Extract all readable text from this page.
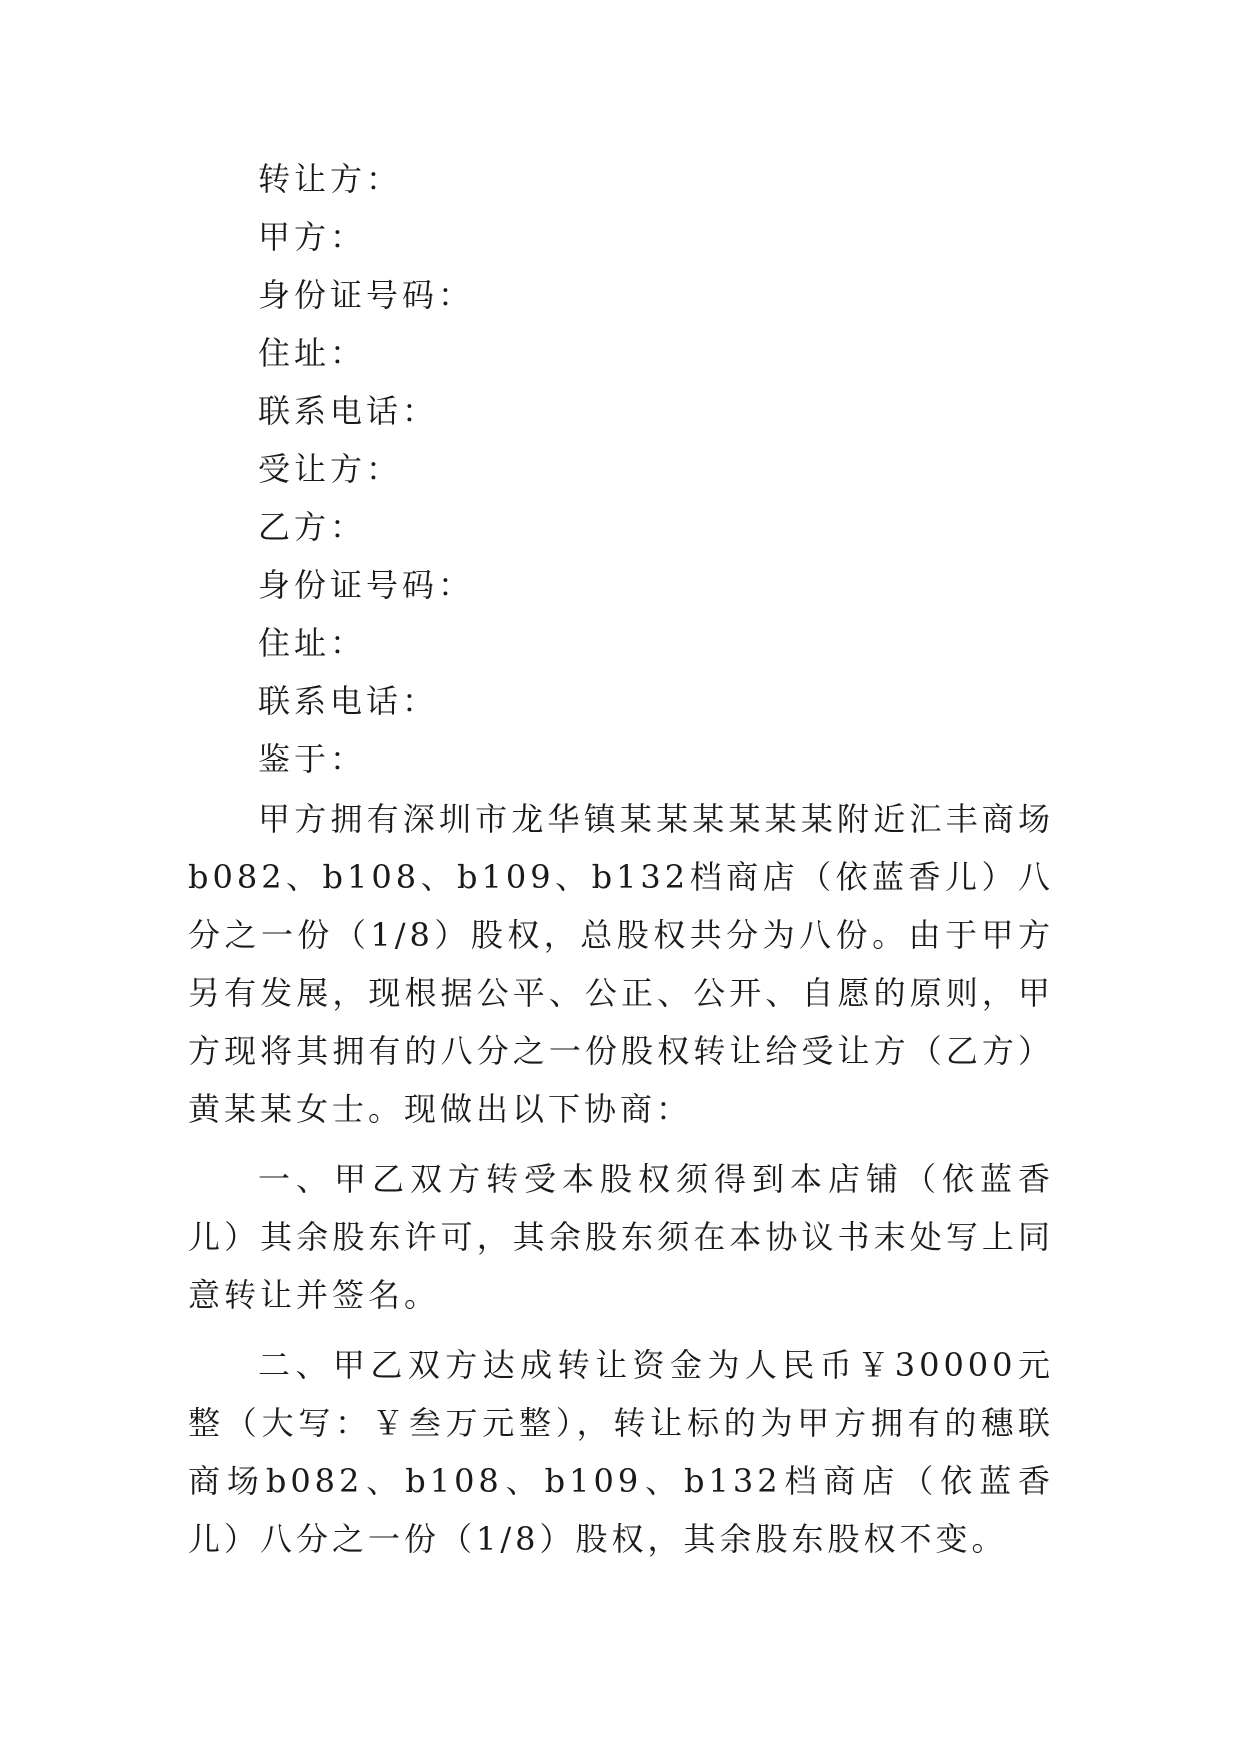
转让方：
甲方：
身份证号码：
住址：
联系电话：
受让方：
乙方：
身份证号码：
住址：
联系电话：
鉴于：

甲方拥有深圳市龙华镇某某某某某某附近汇丰商场b082、b108、b109、b132档商店（依蓝香儿）八分之一份（1/8）股权，总股权共分为八份。由于甲方另有发展，现根据公平、公正、公开、自愿的原则，甲方现将其拥有的八分之一份股权转让给受让方（乙方）黄某某女士。现做出以下协商：

一、甲乙双方转受本股权须得到本店铺（依蓝香儿）其余股东许可，其余股东须在本协议书末处写上同意转让并签名。

二、甲乙双方达成转让资金为人民币￥30000元整（大写：￥叁万元整），转让标的为甲方拥有的穗联商场b082、b108、b109、b132档商店（依蓝香儿）八分之一份（1/8）股权，其余股东股权不变。
